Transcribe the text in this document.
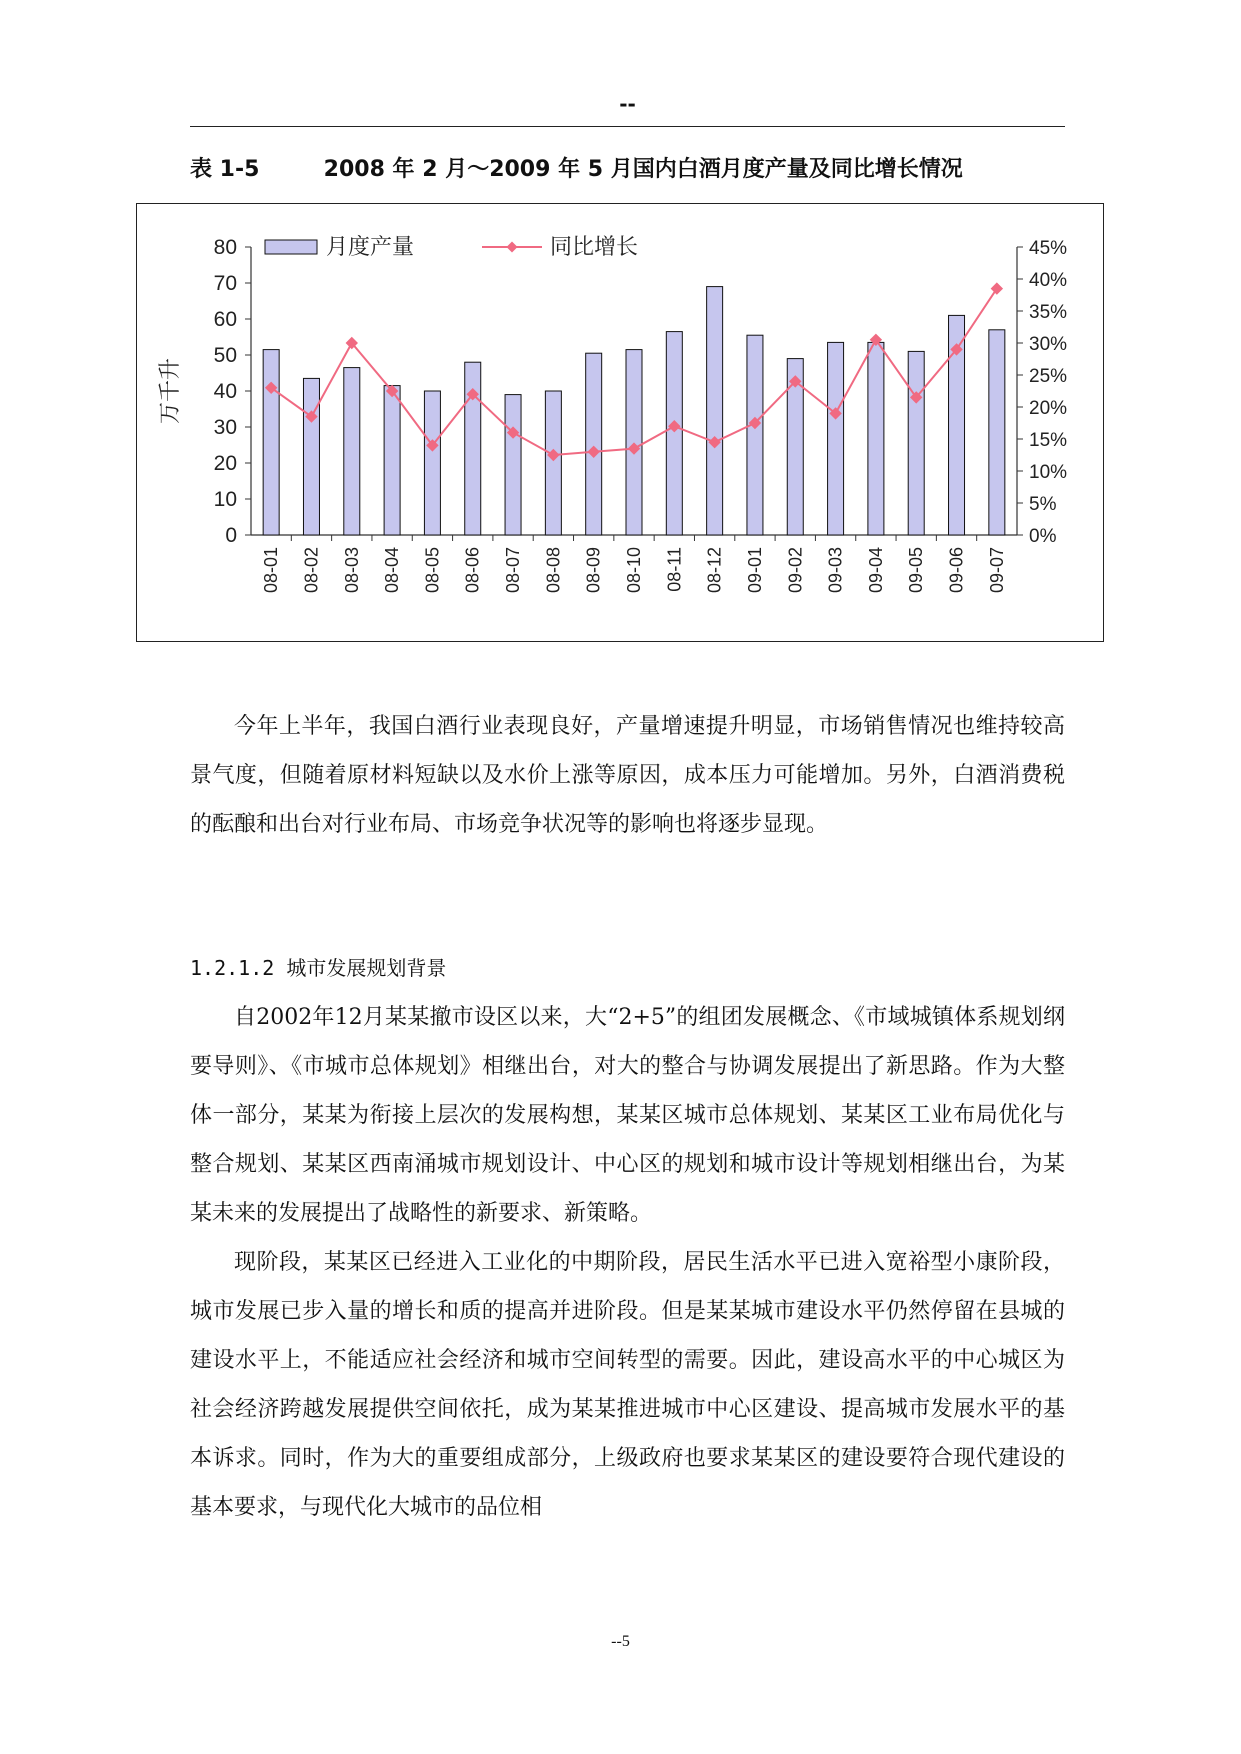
--
表 1-5	2008 年 2 月～2009 年 5 月国内白酒月度产量及同比增长情况
0
10
20
30
40
50
60
70
80
0%
5%
10%
15%
20%
25%
30%
35%
40%
45%
万千升
08-01 08-02 08-03 08-04 08-05 08-06 08-07 08-08 08-09 08-10 08-11 08-12 09-01 09-02 09-03 09-04 09-05 09-06 09-07
月度产量	同比增长

今年上半年，我国白酒行业表现良好，产量增速提升明显，市场销售情况也维持较高景气度，但随着原材料短缺以及水价上涨等原因，成本压力可能增加。另外，白酒消费税的酝酿和出台对行业布局、市场竞争状况等的影响也将逐步显现。

1.2.1.2 城市发展规划背景

自2002年12月某某撤市设区以来，大“2+5”的组团发展概念、《市域城镇体系规划纲要导则》、《市城市总体规划》相继出台，对大的整合与协调发展提出了新思路。作为大整体一部分，某某为衔接上层次的发展构想，某某区城市总体规划、某某区工业布局优化与整合规划、某某区西南涌城市规划设计、中心区的规划和城市设计等规划相继出台，为某某未来的发展提出了战略性的新要求、新策略。

现阶段，某某区已经进入工业化的中期阶段，居民生活水平已进入宽裕型小康阶段，城市发展已步入量的增长和质的提高并进阶段。但是某某城市建设水平仍然停留在县城的建设水平上，不能适应社会经济和城市空间转型的需要。因此，建设高水平的中心城区为社会经济跨越发展提供空间依托，成为某某推进城市中心区建设、提高城市发展水平的基本诉求。同时，作为大的重要组成部分，上级政府也要求某某区的建设要符合现代建设的基本要求，与现代化大城市的品位相

--5
